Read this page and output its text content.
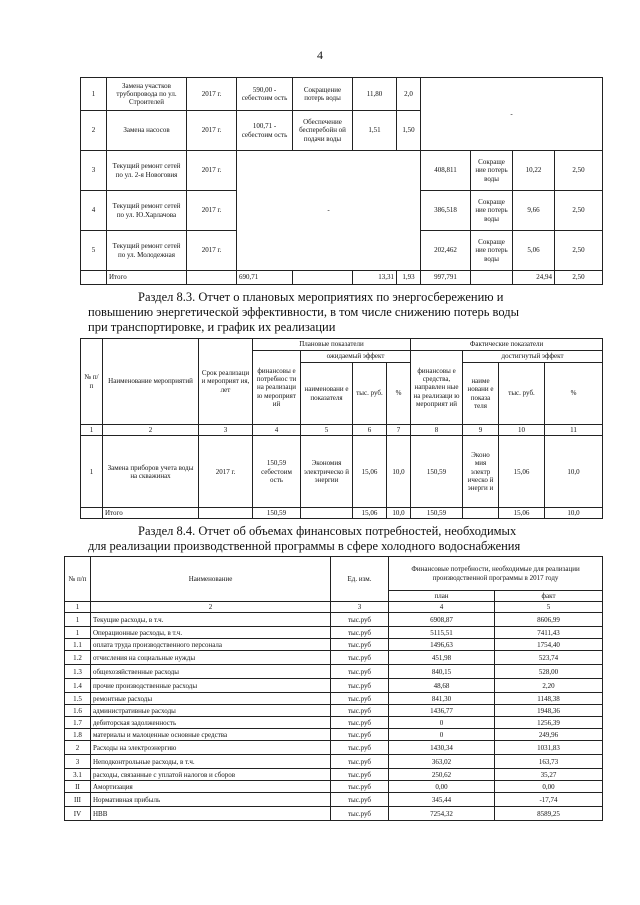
4
1	Замена участков трубопровода по ул. Строителей	2017 г.	590,00 - себестоим ость	Сокращение потерь воды	11,80	2,0	-			
2	Замена насосов	2017 г.	100,71 - себестоим ость	Обеспечение бесперебойн ой подачи воды	1,51	1,50				
3	Текущий ремонт сетей по ул. 2-я Новоговия	2017 г.	-				408,811	Сокраще ние потерь воды	10,22	2,50
4	Текущий ремонт сетей по ул. Ю.Харлачова	2017 г.					386,518	Сокраще ние потерь воды	9,66	2,50
5	Текущий ремонт сетей по ул. Молодежная	2017 г.					202,462	Сокраще ние потерь воды	5,06	2,50
	Итого		690,71		13,31	1,93	997,791		24,94	2,50
Раздел 8.3. Отчет о плановых мероприятиях по энергосбережению и
повышению энергетической эффективности, в том числе снижению потерь воды
при транспортировке, и график их реализации
№ п/п	Наименование мероприятий	Срок реализаци и мероприят ия, лет	Плановые показатели				Фактические показатели			
			финансовы е потребнос ти на реализаци ю мероприят ий	ожидаемый эффект			финансовы е средства, направлен ные на реализаци ю мероприят ий	достигнутый эффект		
				наименовани е показателя	тыс. руб.	%		наиме новани е показа теля	тыс. руб.	%
1	2	3	4	5	6	7	8	9	10	11
1	Замена приборов учета воды на скважинах	2017 г.	150,59 себестоим ость	Экономия электрическо й энергии	15,06	10,0	150,59	Эконо мия электр ическо й энерги и	15,06	10,0
	Итого		150,59		15,06	10,0	150,59		15,06	10,0
Раздел 8.4. Отчет об объемах финансовых потребностей, необходимых
для реализации производственной программы в сфере холодного водоснабжения
№ п/п	Наименование	Ед. изм.	Финансовые потребности, необходимые для реализации производственной программы в 2017 году	
			план	факт
1	2	3	4	5
1	Текущие расходы, в т.ч.	тыс.руб	6908,87	8606,99
1	Операционные расходы, в т.ч.	тыс.руб	5115,51	7411,43
1.1	оплата труда производственного персонала	тыс.руб	1496,63	1754,40
1.2	отчисления на социальные нужды	тыс.руб	451,98	523,74
1.3	общехозяйственные расходы	тыс.руб	840,15	528,00
1.4	прочие производственные расходы	тыс.руб	48,68	2,20
1.5	ремонтные расходы	тыс.руб	841,30	1148,38
1.6	административные расходы	тыс.руб	1436,77	1948,36
1.7	дебиторская задолженность	тыс.руб	0	1256,39
1.8	материалы и малоценные основные средства	тыс.руб	0	249,96
2	Расходы на электроэнергию	тыс.руб	1430,34	1031,83
3	Неподконтрольные расходы, в т.ч.	тыс.руб	363,02	163,73
3.1	расходы, связанные с уплатой налогов и сборов	тыс.руб	250,62	35,27
II	Амортизация	тыс.руб	0,00	0,00
III	Нормативная прибыль	тыс.руб	345,44	-17,74
IV	НВВ	тыс.руб	7254,32	8589,25
